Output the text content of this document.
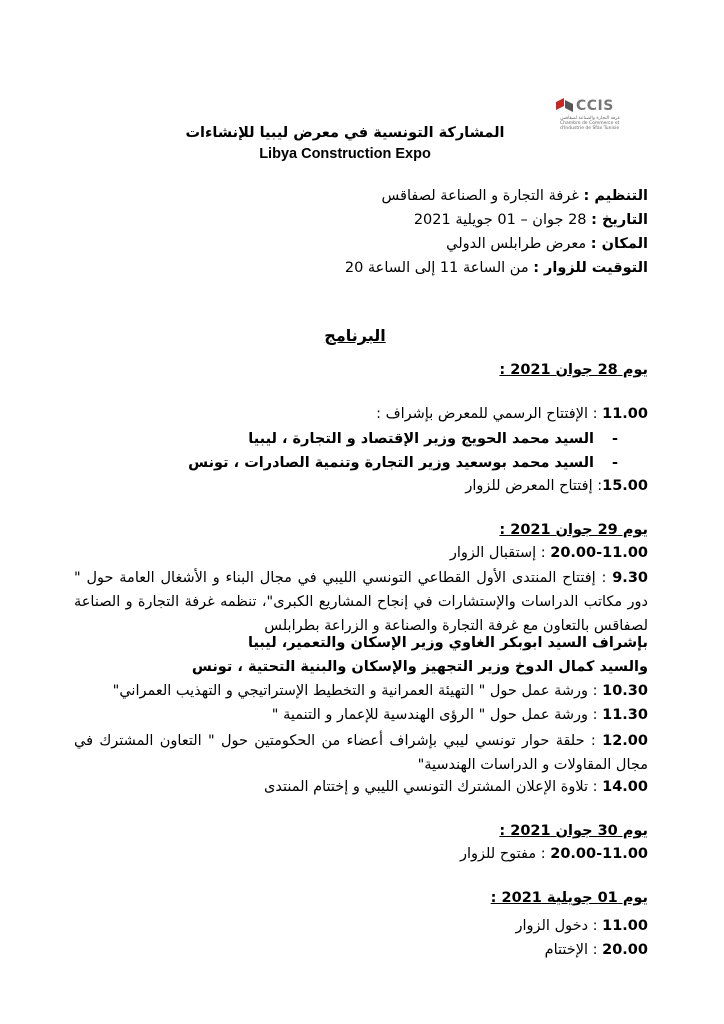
CCIS
غرفة التجارة والصناعة لصفاقس
Chambre de Commerce et d'Industrie de Sfax Tunisie
المشاركة التونسية في معرض ليبيا للإنشاءات
Libya Construction Expo
التنظيم : غرفة التجارة و الصناعة لصفاقس
التاريخ : 28 جوان – 01 جويلية 2021
المكان : معرض طرابلس الدولي
التوقيت للزوار : من الساعة 11 إلى الساعة 20
البرنامج
يوم 28 جوان 2021 :
11.00 : الإفتتاح الرسمي للمعرض بإشراف :
-
السيد محمد الحويج وزير الإقتصاد و التجارة ، ليبيا
-
السيد محمد بوسعيد وزير التجارة وتنمية الصادرات ، تونس
15.00: إفتتاح المعرض للزوار
يوم 29 جوان 2021 :
20.00-11.00 : إستقبال الزوار
9.30 : إفتتاح المنتدى الأول القطاعي التونسي الليبي في مجال البناء و الأشغال العامة حول " دور مكاتب الدراسات والإستشارات في إنجاح المشاريع الكبرى"، تنظمه غرفة التجارة و الصناعة لصفاقس بالتعاون مع غرفة التجارة والصناعة و الزراعة بطرابلس
بإشراف السيد ابوبكر الغاوي وزير الإسكان والتعمير، ليبيا
والسيد كمال الدوخ وزير التجهيز والإسكان والبنية التحتية ، تونس
10.30 : ورشة عمل حول " التهيئة العمرانية و التخطيط الإستراتيجي و التهذيب العمراني"
11.30 : ورشة عمل حول " الرؤى الهندسية للإعمار و التنمية "
12.00 : حلقة حوار تونسي ليبي بإشراف أعضاء من الحكومتين حول " التعاون المشترك في مجال المقاولات و الدراسات الهندسية"
14.00 : تلاوة الإعلان المشترك التونسي الليبي و إختتام المنتدى
يوم 30 جوان 2021 :
20.00-11.00 : مفتوح للزوار
يوم 01 جويلية 2021 :
11.00 : دخول الزوار
20.00 : الإختتام
